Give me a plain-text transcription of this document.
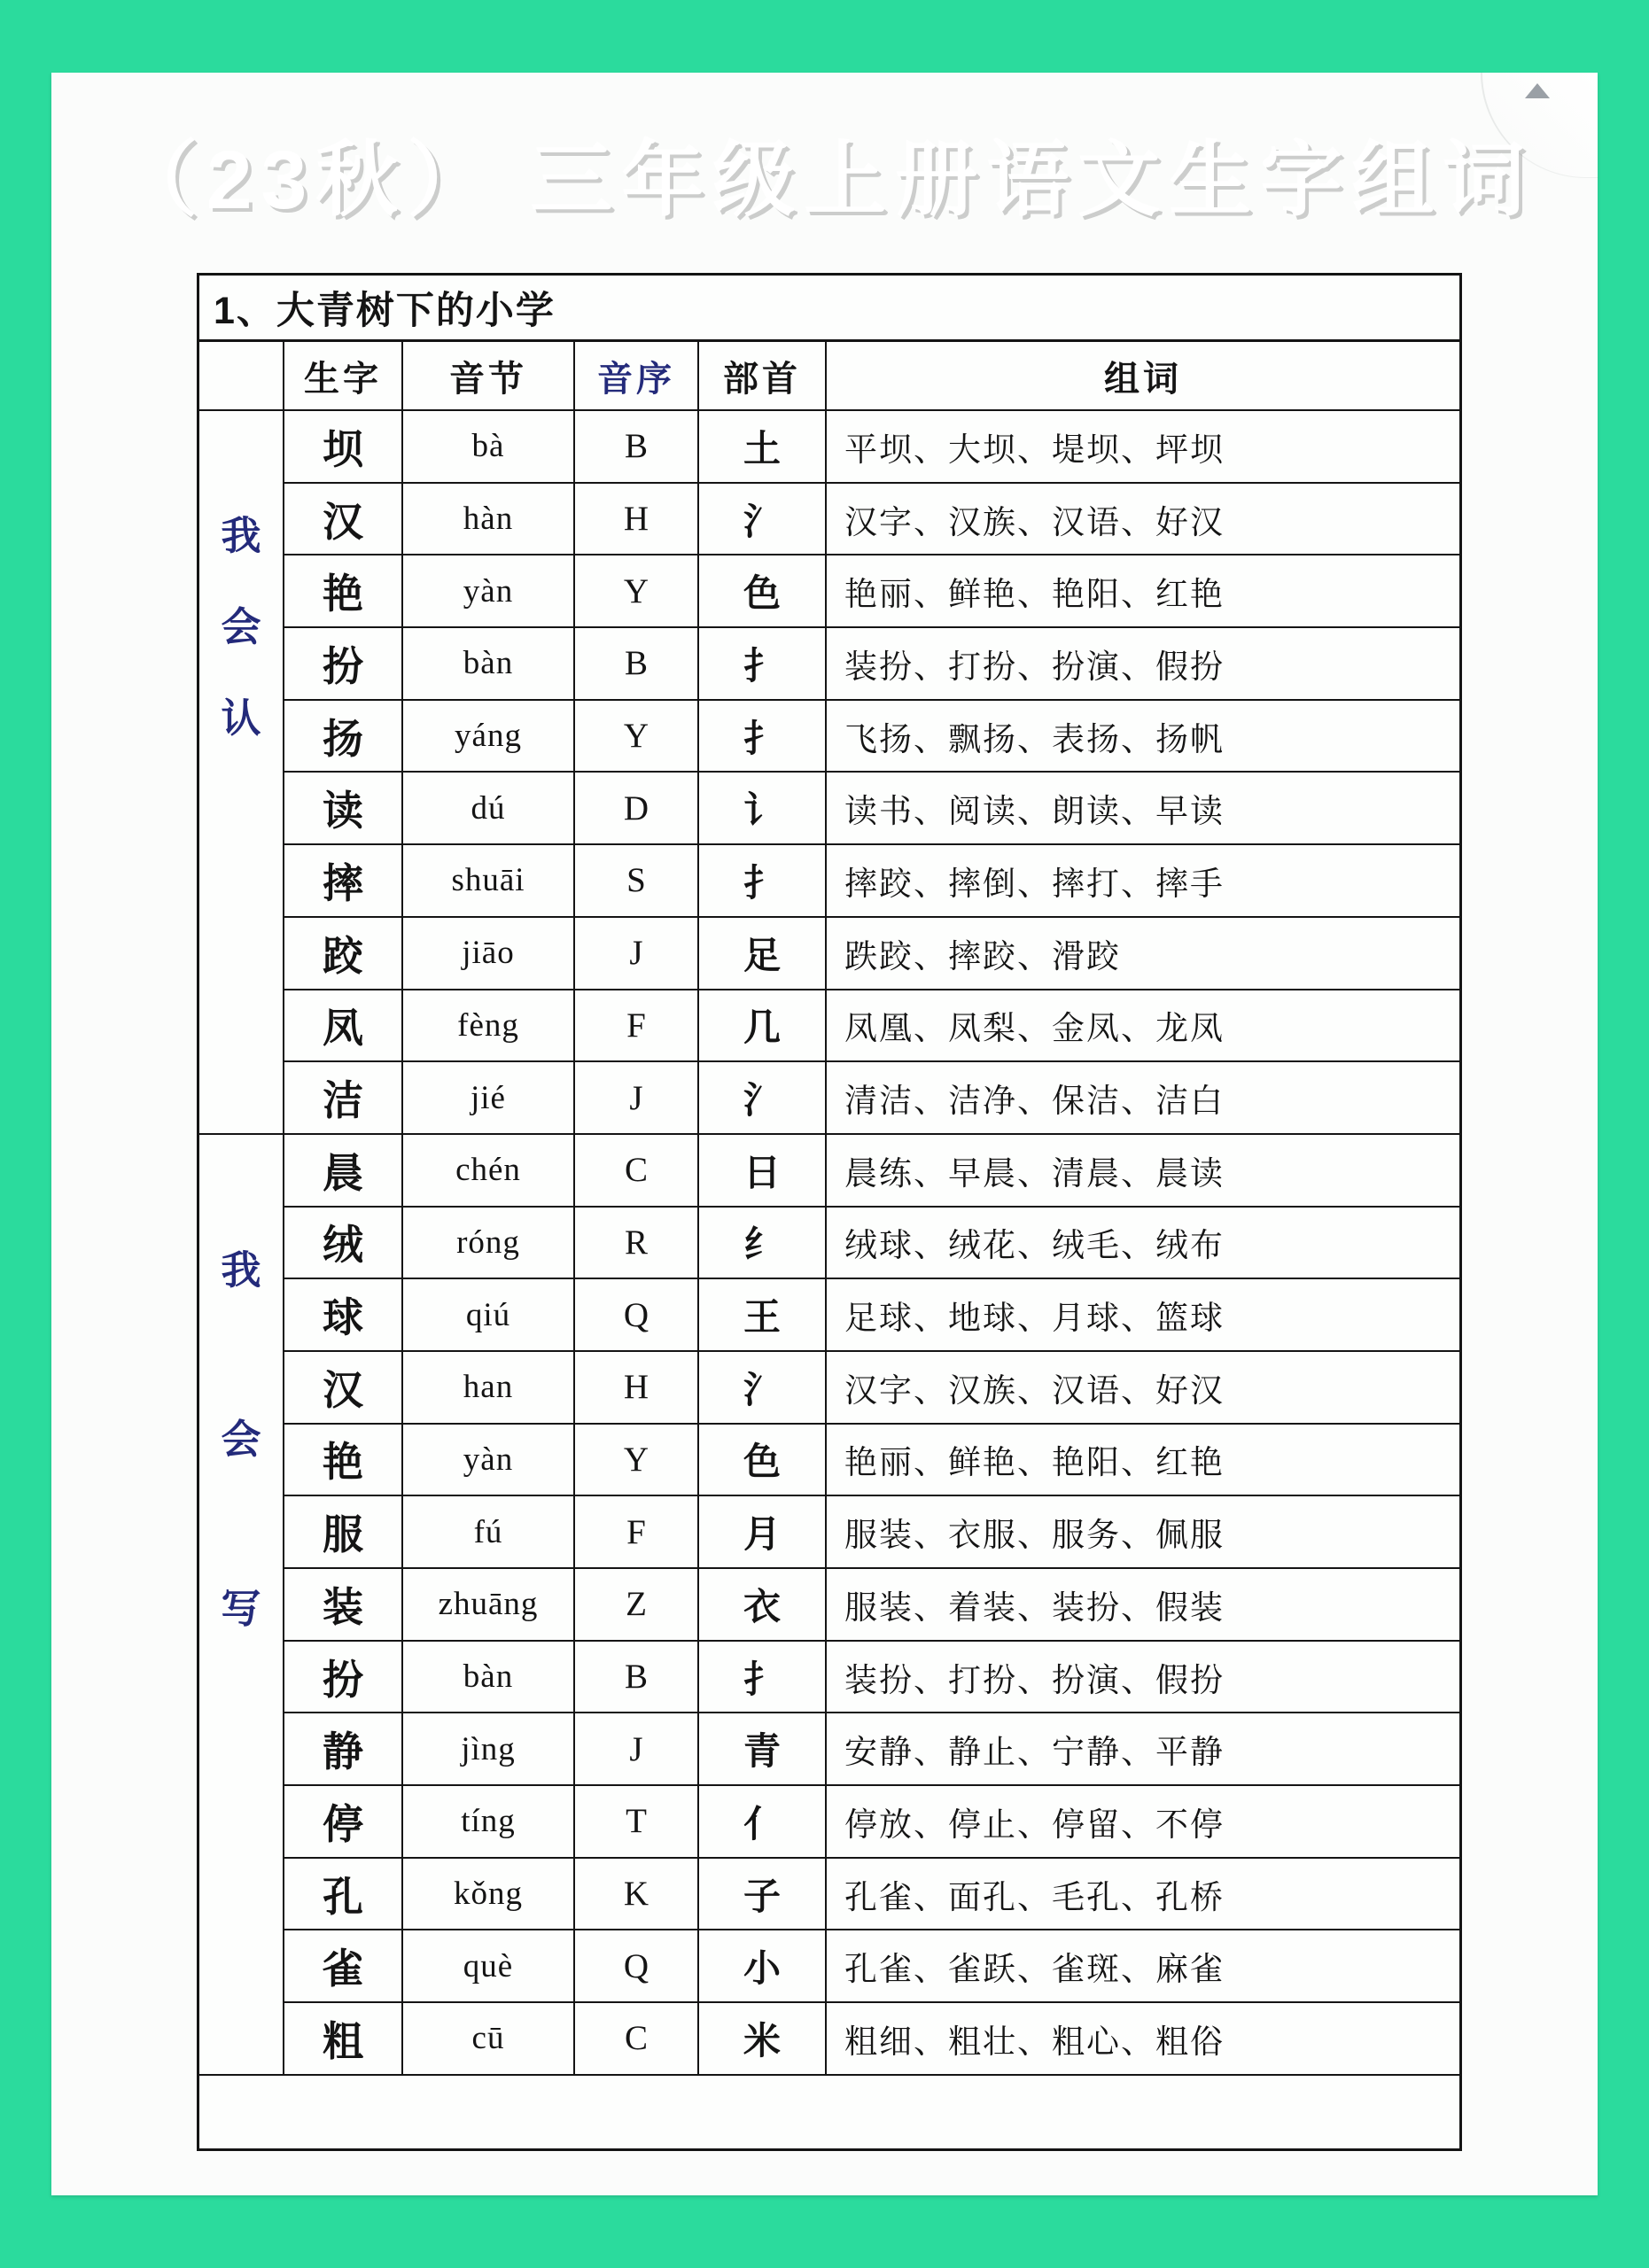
（23秋） 三年级上册语文生字组词
1、大青树下的小学
生字	音节	音序	部首	组词
我
会
认
坝	bà	B	土	平坝、大坝、堤坝、坪坝
汉	hàn	H	氵	汉字、汉族、汉语、好汉
艳	yàn	Y	色	艳丽、鲜艳、艳阳、红艳
扮	bàn	B	扌	装扮、打扮、扮演、假扮
扬	yáng	Y	扌	飞扬、飘扬、表扬、扬帆
读	dú	D	讠	读书、阅读、朗读、早读
摔	shuāi	S	扌	摔跤、摔倒、摔打、摔手
跤	jiāo	J	足	跌跤、摔跤、滑跤
凤	fèng	F	几	凤凰、凤梨、金凤、龙凤
洁	jié	J	氵	清洁、洁净、保洁、洁白
我
会
写
晨	chén	C	日	晨练、早晨、清晨、晨读
绒	róng	R	纟	绒球、绒花、绒毛、绒布
球	qiú	Q	王	足球、地球、月球、篮球
汉	han	H	氵	汉字、汉族、汉语、好汉
艳	yàn	Y	色	艳丽、鲜艳、艳阳、红艳
服	fú	F	月	服装、衣服、服务、佩服
装	zhuāng	Z	衣	服装、着装、装扮、假装
扮	bàn	B	扌	装扮、打扮、扮演、假扮
静	jìng	J	青	安静、静止、宁静、平静
停	tíng	T	亻	停放、停止、停留、不停
孔	kǒng	K	子	孔雀、面孔、毛孔、孔桥
雀	què	Q	小	孔雀、雀跃、雀斑、麻雀
粗	cū	C	米	粗细、粗壮、粗心、粗俗
